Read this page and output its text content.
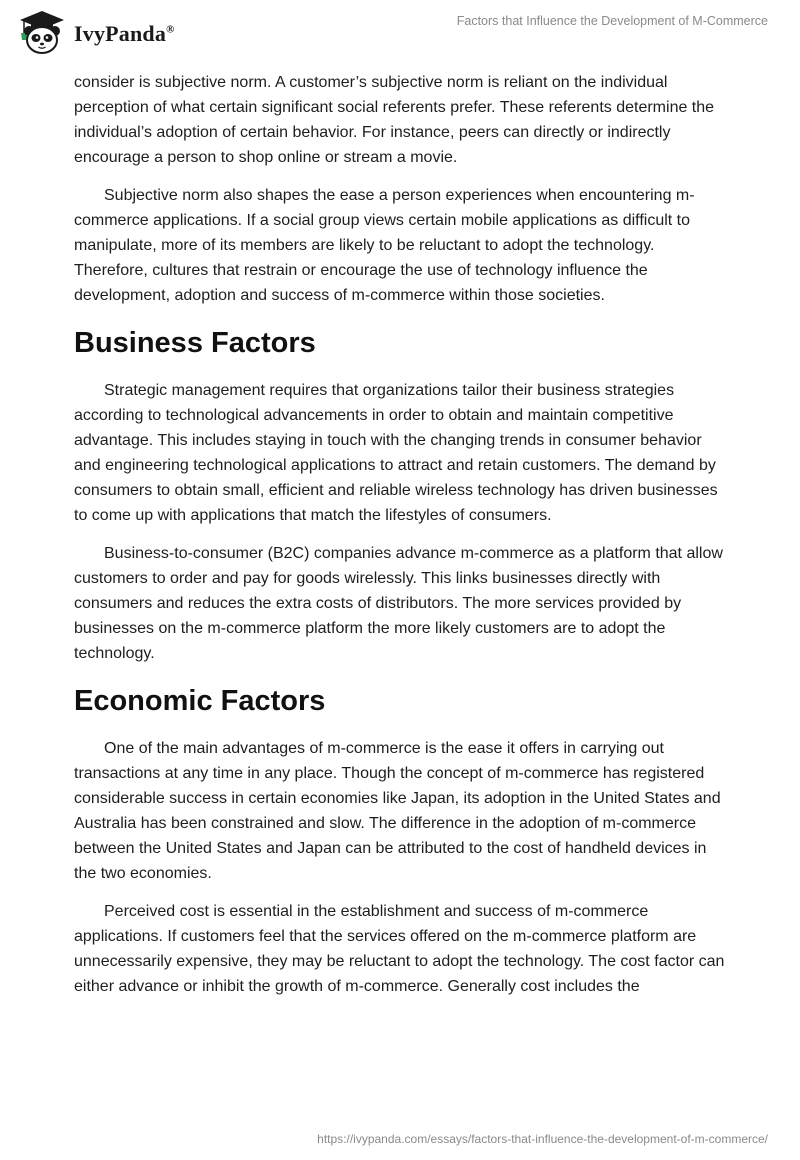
IvyPanda®
Factors that Influence the Development of M-Commerce

consider is subjective norm. A customer’s subjective norm is reliant on the individual perception of what certain significant social referents prefer. These referents determine the individual’s adoption of certain behavior. For instance, peers can directly or indirectly encourage a person to shop online or stream a movie.

Subjective norm also shapes the ease a person experiences when encountering m-commerce applications. If a social group views certain mobile applications as difficult to manipulate, more of its members are likely to be reluctant to adopt the technology. Therefore, cultures that restrain or encourage the use of technology influence the development, adoption and success of m-commerce within those societies.

Business Factors

Strategic management requires that organizations tailor their business strategies according to technological advancements in order to obtain and maintain competitive advantage. This includes staying in touch with the changing trends in consumer behavior and engineering technological applications to attract and retain customers. The demand by consumers to obtain small, efficient and reliable wireless technology has driven businesses to come up with applications that match the lifestyles of consumers.

Business-to-consumer (B2C) companies advance m-commerce as a platform that allow customers to order and pay for goods wirelessly. This links businesses directly with consumers and reduces the extra costs of distributors. The more services provided by businesses on the m-commerce platform the more likely customers are to adopt the technology.

Economic Factors

One of the main advantages of m-commerce is the ease it offers in carrying out transactions at any time in any place. Though the concept of m-commerce has registered considerable success in certain economies like Japan, its adoption in the United States and Australia has been constrained and slow. The difference in the adoption of m-commerce between the United States and Japan can be attributed to the cost of handheld devices in the two economies.

Perceived cost is essential in the establishment and success of m-commerce applications. If customers feel that the services offered on the m-commerce platform are unnecessarily expensive, they may be reluctant to adopt the technology. The cost factor can either advance or inhibit the growth of m-commerce. Generally cost includes the

https://ivypanda.com/essays/factors-that-influence-the-development-of-m-commerce/
